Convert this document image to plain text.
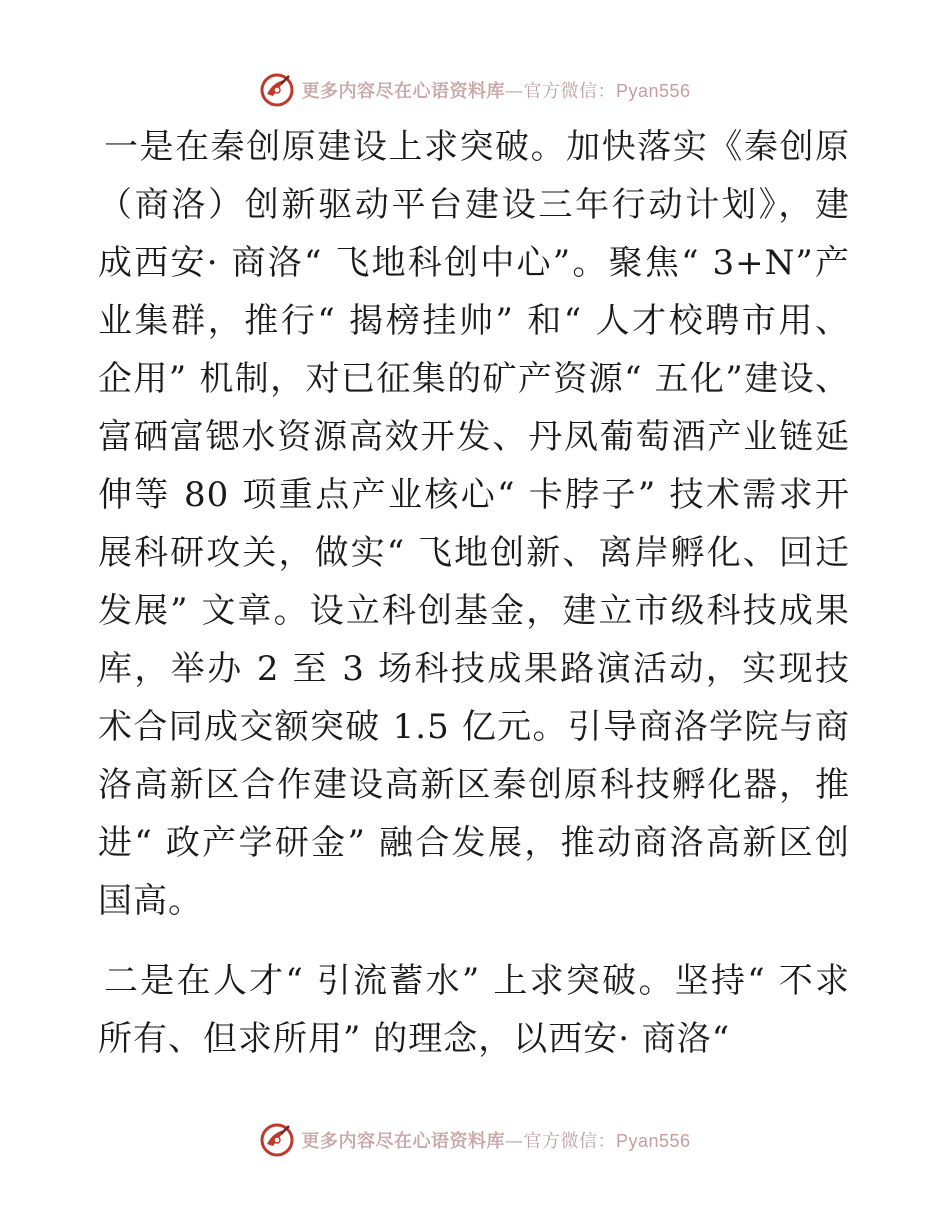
更多内容尽在心语资料库—官方微信：Pyan556

一是在秦创原建设上求突破。加快落实《秦创原（商洛）创新驱动平台建设三年行动计划》，建成西安· 商洛“ 飞地科创中心”。聚焦“ 3+N”产业集群，推行“ 揭榜挂帅” 和“ 人才校聘市用、企用” 机制，对已征集的矿产资源“ 五化”建设、富硒富锶水资源高效开发、丹凤葡萄酒产业链延伸等 80 项重点产业核心“ 卡脖子” 技术需求开展科研攻关，做实“ 飞地创新、离岸孵化、回迁发展” 文章。设立科创基金，建立市级科技成果库，举办 2 至 3 场科技成果路演活动，实现技术合同成交额突破 1.5 亿元。引导商洛学院与商洛高新区合作建设高新区秦创原科技孵化器，推进“ 政产学研金” 融合发展，推动商洛高新区创国高。

二是在人才“ 引流蓄水” 上求突破。坚持“ 不求所有、但求所用” 的理念，以西安· 商洛“

更多内容尽在心语资料库—官方微信：Pyan556
